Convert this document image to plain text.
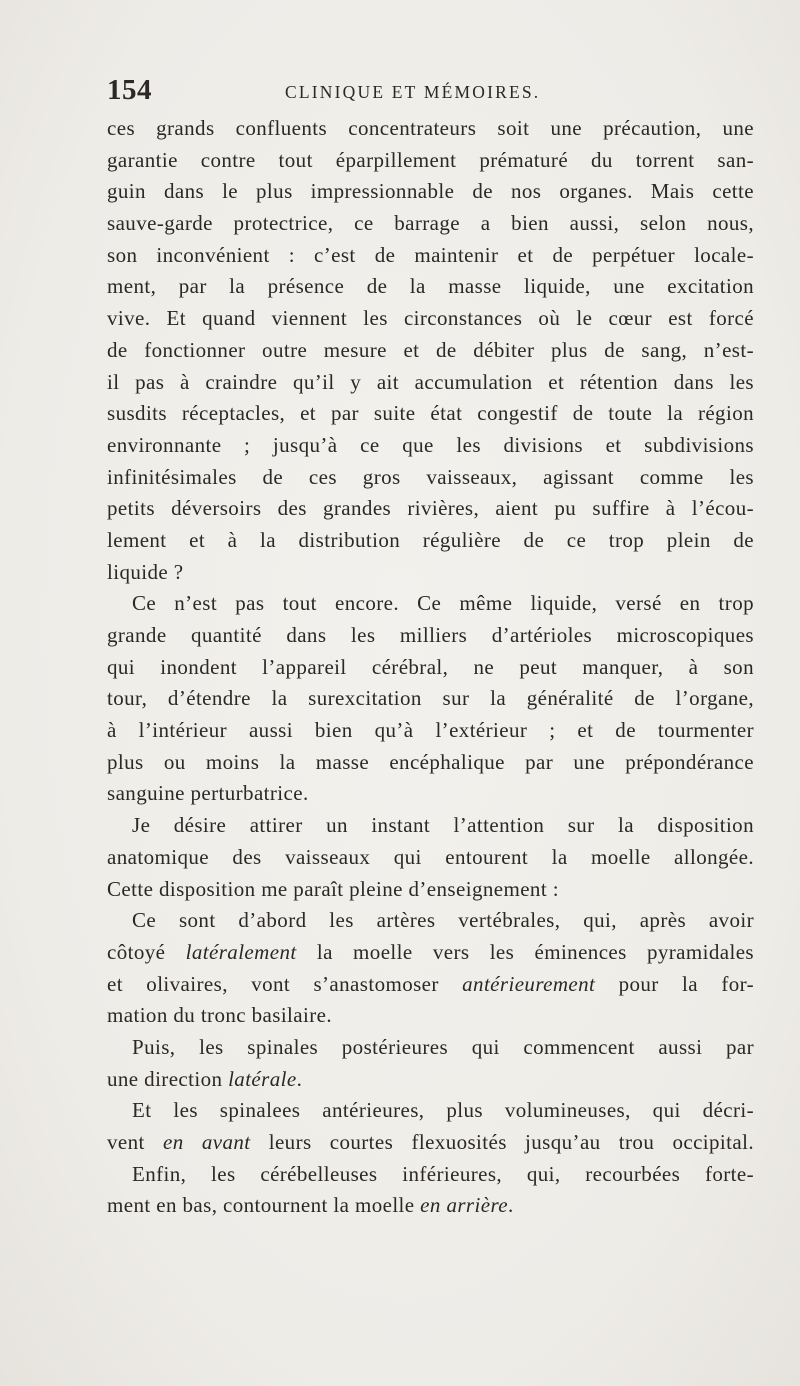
154	CLINIQUE ET MÉMOIRES.
ces grands confluents concentrateurs soit une précaution, une
garantie contre tout éparpillement prématuré du torrent san-
guin dans le plus impressionnable de nos organes. Mais cette
sauve-garde protectrice, ce barrage a bien aussi, selon nous,
son inconvénient : c’est de maintenir et de perpétuer locale-
ment, par la présence de la masse liquide, une excitation
vive. Et quand viennent les circonstances où le cœur est forcé
de fonctionner outre mesure et de débiter plus de sang, n’est-
il pas à craindre qu’il y ait accumulation et rétention dans les
susdits réceptacles, et par suite état congestif de toute la région
environnante ; jusqu’à ce que les divisions et subdivisions
infinitésimales de ces gros vaisseaux, agissant comme les
petits déversoirs des grandes rivières, aient pu suffire à l’écou-
lement et à la distribution régulière de ce trop plein de
liquide ?
Ce n’est pas tout encore. Ce même liquide, versé en trop
grande quantité dans les milliers d’artérioles microscopiques
qui inondent l’appareil cérébral, ne peut manquer, à son
tour, d’étendre la surexcitation sur la généralité de l’organe,
à l’intérieur aussi bien qu’à l’extérieur ; et de tourmenter
plus ou moins la masse encéphalique par une prépondérance
sanguine perturbatrice.
Je désire attirer un instant l’attention sur la disposition
anatomique des vaisseaux qui entourent la moelle allongée.
Cette disposition me paraît pleine d’enseignement :
Ce sont d’abord les artères vertébrales, qui, après avoir
côtoyé latéralement la moelle vers les éminences pyramidales
et olivaires, vont s’anastomoser antérieurement pour la for-
mation du tronc basilaire.
Puis, les spinales postérieures qui commencent aussi par
une direction latérale.
Et les spinalees antérieures, plus volumineuses, qui décri-
vent en avant leurs courtes flexuosités jusqu’au trou occipital.
Enfin, les cérébelleuses inférieures, qui, recourbées forte-
ment en bas, contournent la moelle en arrière.
